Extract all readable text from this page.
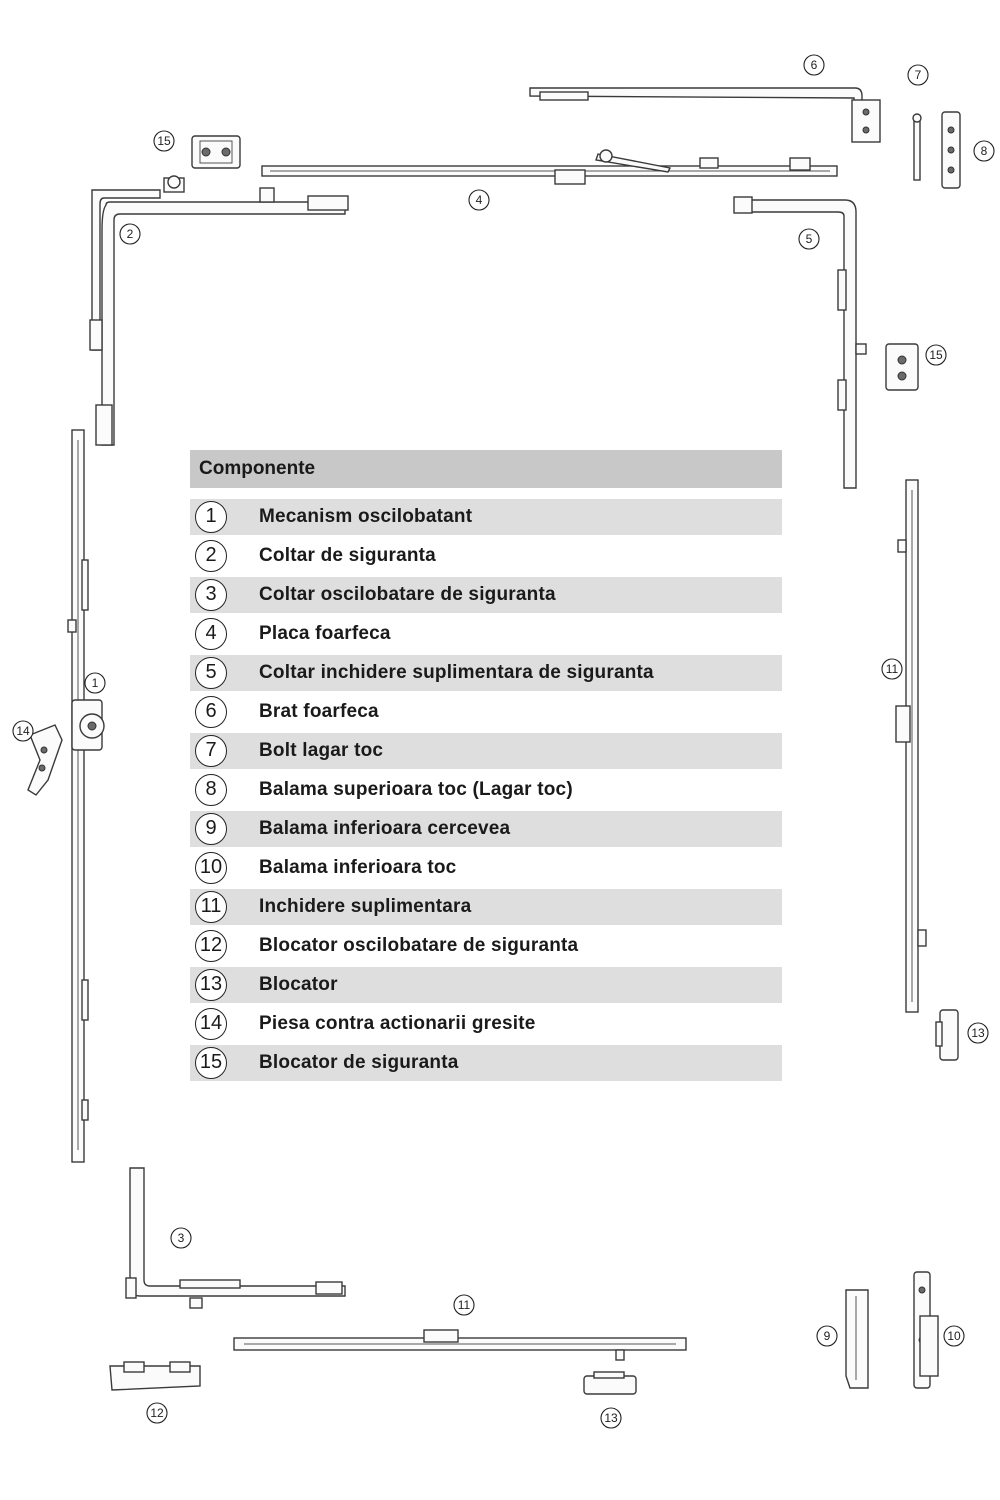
1
2
3
4
5
6
7
8
9	10
11
11
12
13
13
14
15
15
Componente
1	Mecanism oscilobatant
2	Coltar de siguranta
3	Coltar oscilobatare de siguranta
4	Placa foarfeca
5	Coltar inchidere suplimentara de siguranta
6	Brat foarfeca
7	Bolt lagar toc
8	Balama superioara toc (Lagar toc)
9	Balama inferioara cercevea
10 Balama inferioara toc
11 Inchidere suplimentara
12 Blocator oscilobatare de siguranta
13 Blocator
14 Piesa contra actionarii gresite
15 Blocator de siguranta
